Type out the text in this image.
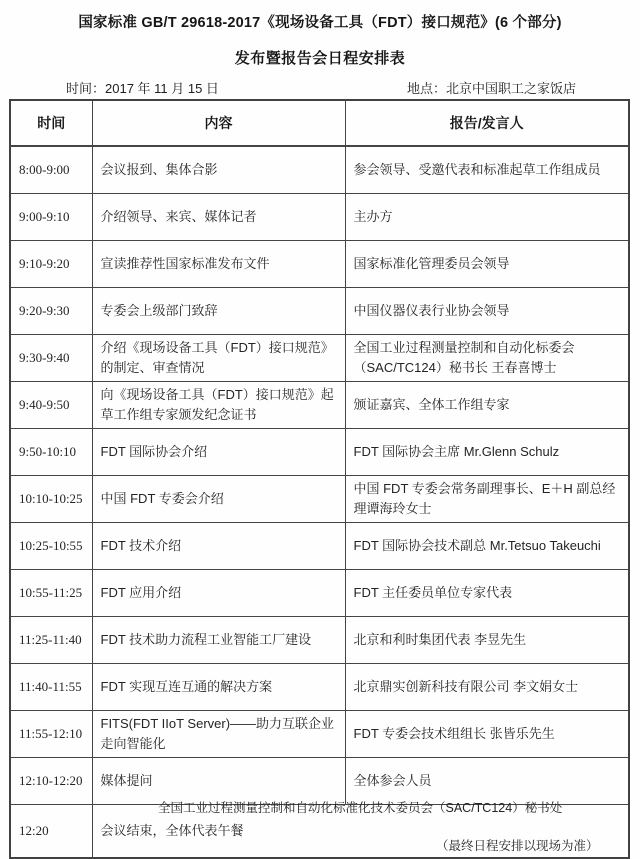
国家标准 GB/T 29618-2017《现场设备工具（FDT）接口规范》(6 个部分)
发布暨报告会日程安排表
时间：2017 年 11 月 15 日	地点：北京中国职工之家饭店
时间	内容	报告/发言人
8:00-9:00	会议报到、集体合影	参会领导、受邀代表和标准起草工作组成员
9:00-9:10	介绍领导、来宾、媒体记者	主办方
9:10-9:20	宣读推荐性国家标准发布文件	国家标准化管理委员会领导
9:20-9:30	专委会上级部门致辞	中国仪器仪表行业协会领导
9:30-9:40	介绍《现场设备工具（FDT）接口规范》的制定、审查情况	全国工业过程测量控制和自动化标委会（SAC/TC124）秘书长 王春喜博士
9:40-9:50	向《现场设备工具（FDT）接口规范》起草工作组专家颁发纪念证书	颁证嘉宾、全体工作组专家
9:50-10:10	FDT 国际协会介绍	FDT 国际协会主席 Mr.Glenn Schulz
10:10-10:25	中国 FDT 专委会介绍	中国 FDT 专委会常务副理事长、E＋H 副总经理谭海玲女士
10:25-10:55	FDT 技术介绍	FDT 国际协会技术副总 Mr.Tetsuo Takeuchi
10:55-11:25	FDT 应用介绍	FDT 主任委员单位专家代表
11:25-11:40	FDT 技术助力流程工业智能工厂建设	北京和利时集团代表 李昱先生
11:40-11:55	FDT 实现互连互通的解决方案	北京鼎实创新科技有限公司 李文娟女士
11:55-12:10	FITS(FDT IIoT Server)——助力互联企业走向智能化	FDT 专委会技术组组长 张皆乐先生
12:10-12:20	媒体提问	全体参会人员
12:20	会议结束，全体代表午餐	
全国工业过程测量控制和自动化标准化技术委员会（SAC/TC124）秘书处
（最终日程安排以现场为准）
